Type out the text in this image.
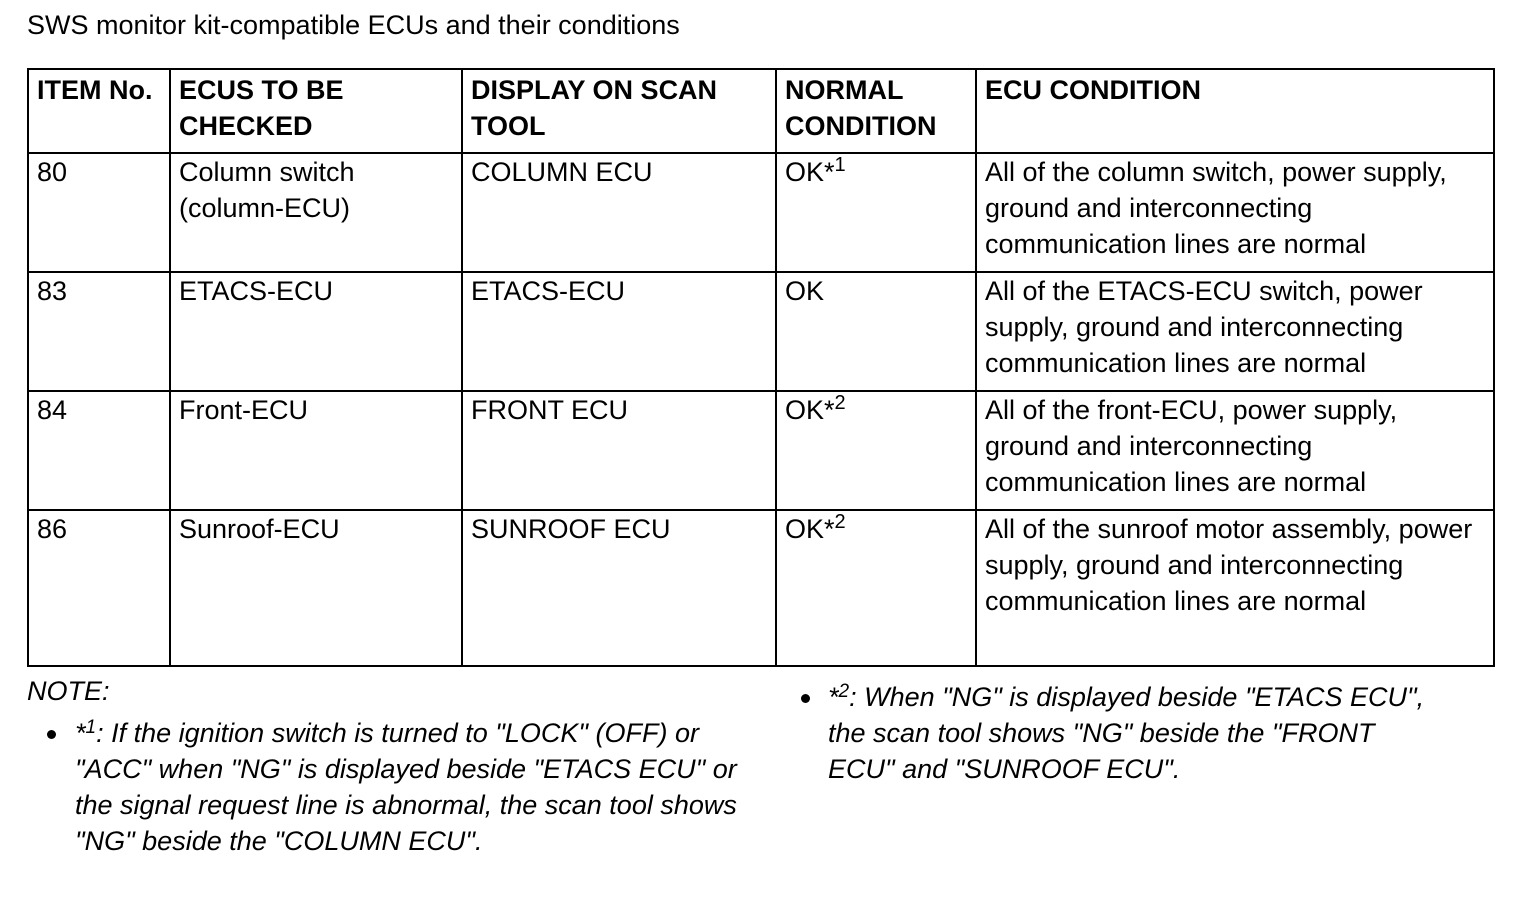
SWS monitor kit-compatible ECUs and their conditions
ITEM No.	ECUS TO BE CHECKED	DISPLAY ON SCAN TOOL	NORMAL CONDITION	ECU CONDITION
80	Column switch (column-ECU)	COLUMN ECU	OK*$^1$	All of the column switch, power supply, ground and interconnecting communication lines are normal
83	ETACS-ECU	ETACS-ECU	OK	All of the ETACS-ECU switch, power supply, ground and interconnecting communication lines are normal
84	Front-ECU	FRONT ECU	OK*$^2$	All of the front-ECU, power supply, ground and interconnecting communication lines are normal
86	Sunroof-ECU	SUNROOF ECU	OK*$^2$	All of the sunroof motor assembly, power supply, ground and interconnecting communication lines are normal
NOTE:
*$^1$: If the ignition switch is turned to "LOCK" (OFF) or "ACC" when "NG" is displayed beside "ETACS ECU" or the signal request line is abnormal, the scan tool shows "NG" beside the "COLUMN ECU".
*$^2$: When "NG" is displayed beside "ETACS ECU", the scan tool shows "NG" beside the "FRONT ECU" and "SUNROOF ECU".
